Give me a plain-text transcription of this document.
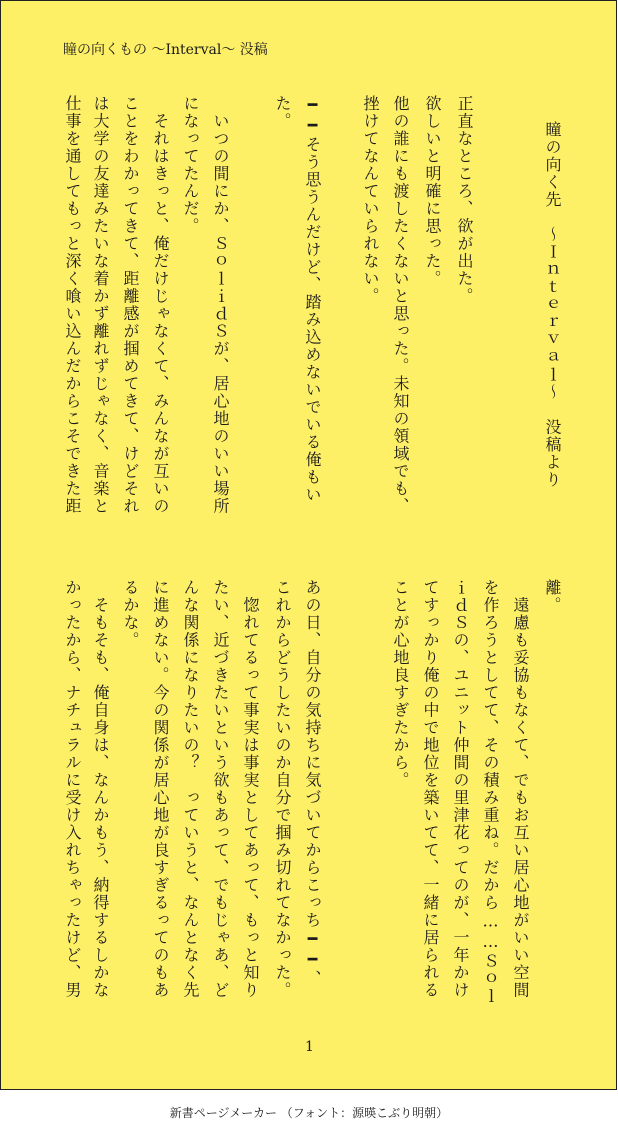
瞳の向くもの 〜Interval〜 没稿
瞳の向く先　～Ｉｎｔｅｒｖａｌ～　没稿より
正直なところ、欲が出た。
欲しいと明確に思った。
他の誰にも渡したくないと思った。未知の領域でも、
挫けてなんていられない。
━━そう思うんだけど、踏み込めないでいる俺もい
た。
　いつの間にか、ＳｏｌｉｄＳが、居心地のいい場所
になってたんだ。
　それはきっと、俺だけじゃなくて、みんなが互いの
ことをわかってきて、距離感が掴めてきて、けどそれ
は大学の友達みたいな着かず離れずじゃなく、音楽と
仕事を通してもっと深く喰い込んだからこそできた距
離。
　遠慮も妥協もなくて、でもお互い居心地がいい空間
を作ろうとしてて、その積み重ね。だから……Ｓｏｌ
ｉｄＳの、ユニット仲間の里津花ってのが、一年かけ
てすっかり俺の中で地位を築いてて、一緒に居られる
ことが心地良すぎたから。
あの日、自分の気持ちに気づいてからこっち━━、
これからどうしたいのか自分で掴み切れてなかった。
　惚れてるって事実は事実としてあって、もっと知り
たい、近づきたいという欲もあって、でもじゃあ、ど
んな関係になりたいの？　っていうと、なんとなく先
に進めない。今の関係が居心地が良すぎるってのもあ
るかな。
　そもそも、俺自身は、なんかもう、納得するしかな
かったから、ナチュラルに受け入れちゃったけど、男
1
新書ページメーカー （フォント：源暎こぶり明朝）
